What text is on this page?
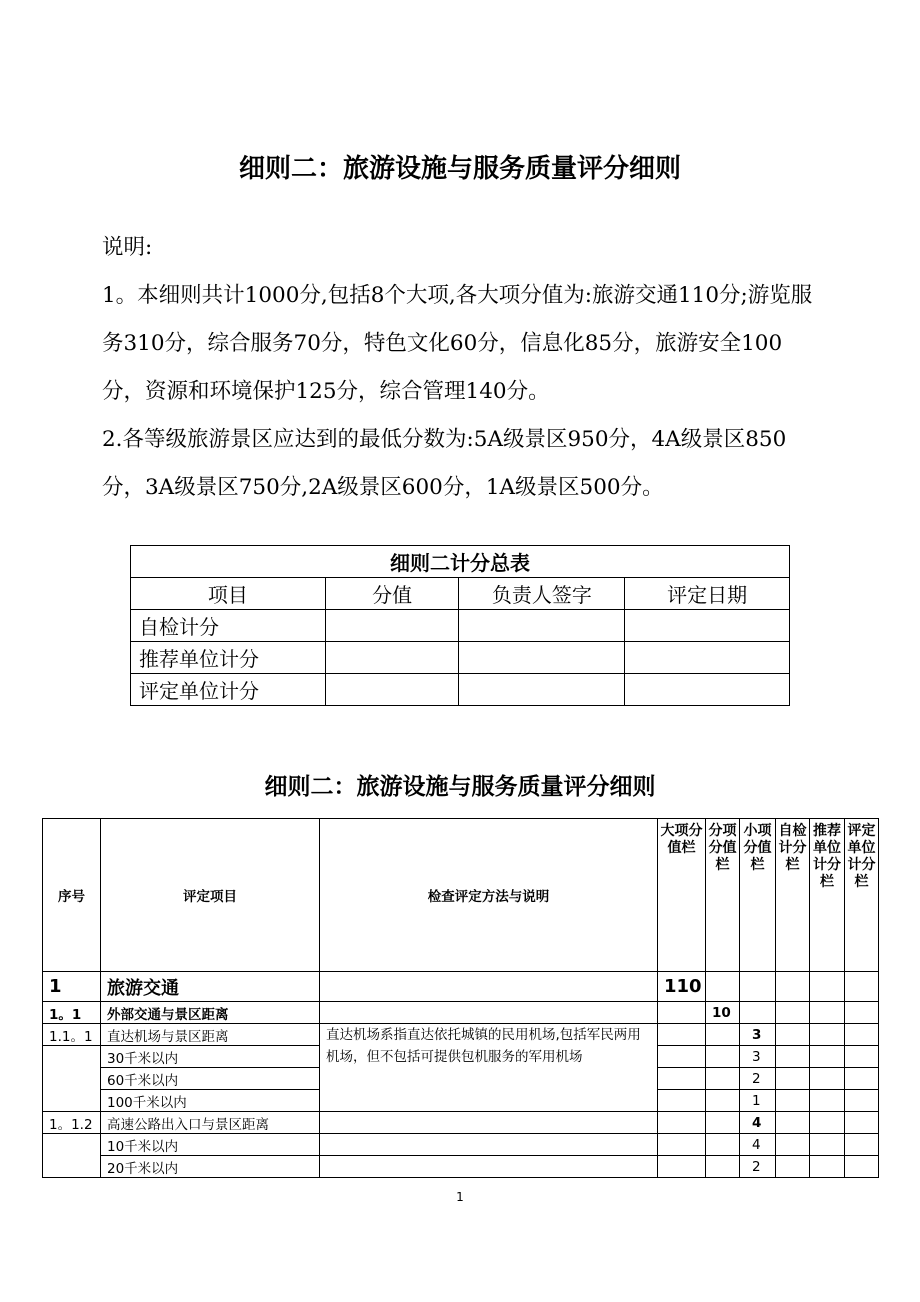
细则二：旅游设施与服务质量评分细则

说明:

1。本细则共计1000分,包括8个大项,各大项分值为:旅游交通110分;游览服务310分，综合服务70分，特色文化60分，信息化85分，旅游安全100分，资源和环境保护125分，综合管理140分。

2.各等级旅游景区应达到的最低分数为:5A级景区950分，4A级景区850分，3A级景区750分,2A级景区600分，1A级景区500分。

细则二计分总表			
项目	分值	负责人签字	评定日期
自检计分			
推荐单位计分			
评定单位计分			
细则二：旅游设施与服务质量评分细则
序号	评定项目	检查评定方法与说明	大项分值栏	分项分值栏	小项分值栏	自检计分栏	推荐单位计分栏	评定单位计分栏
1	旅游交通		110					
1。1	外部交通与景区距离			10				
1.1。1	直达机场与景区距离	直达机场系指直达依托城镇的民用机场,包括军民两用机场，但不包括可提供包机服务的军用机场			3			
	30千米以内				3			
	60千米以内				2			
	100千米以内				1			
1。1.2	高速公路出入口与景区距离				4			
	10千米以内				4			
	20千米以内				2			
1
